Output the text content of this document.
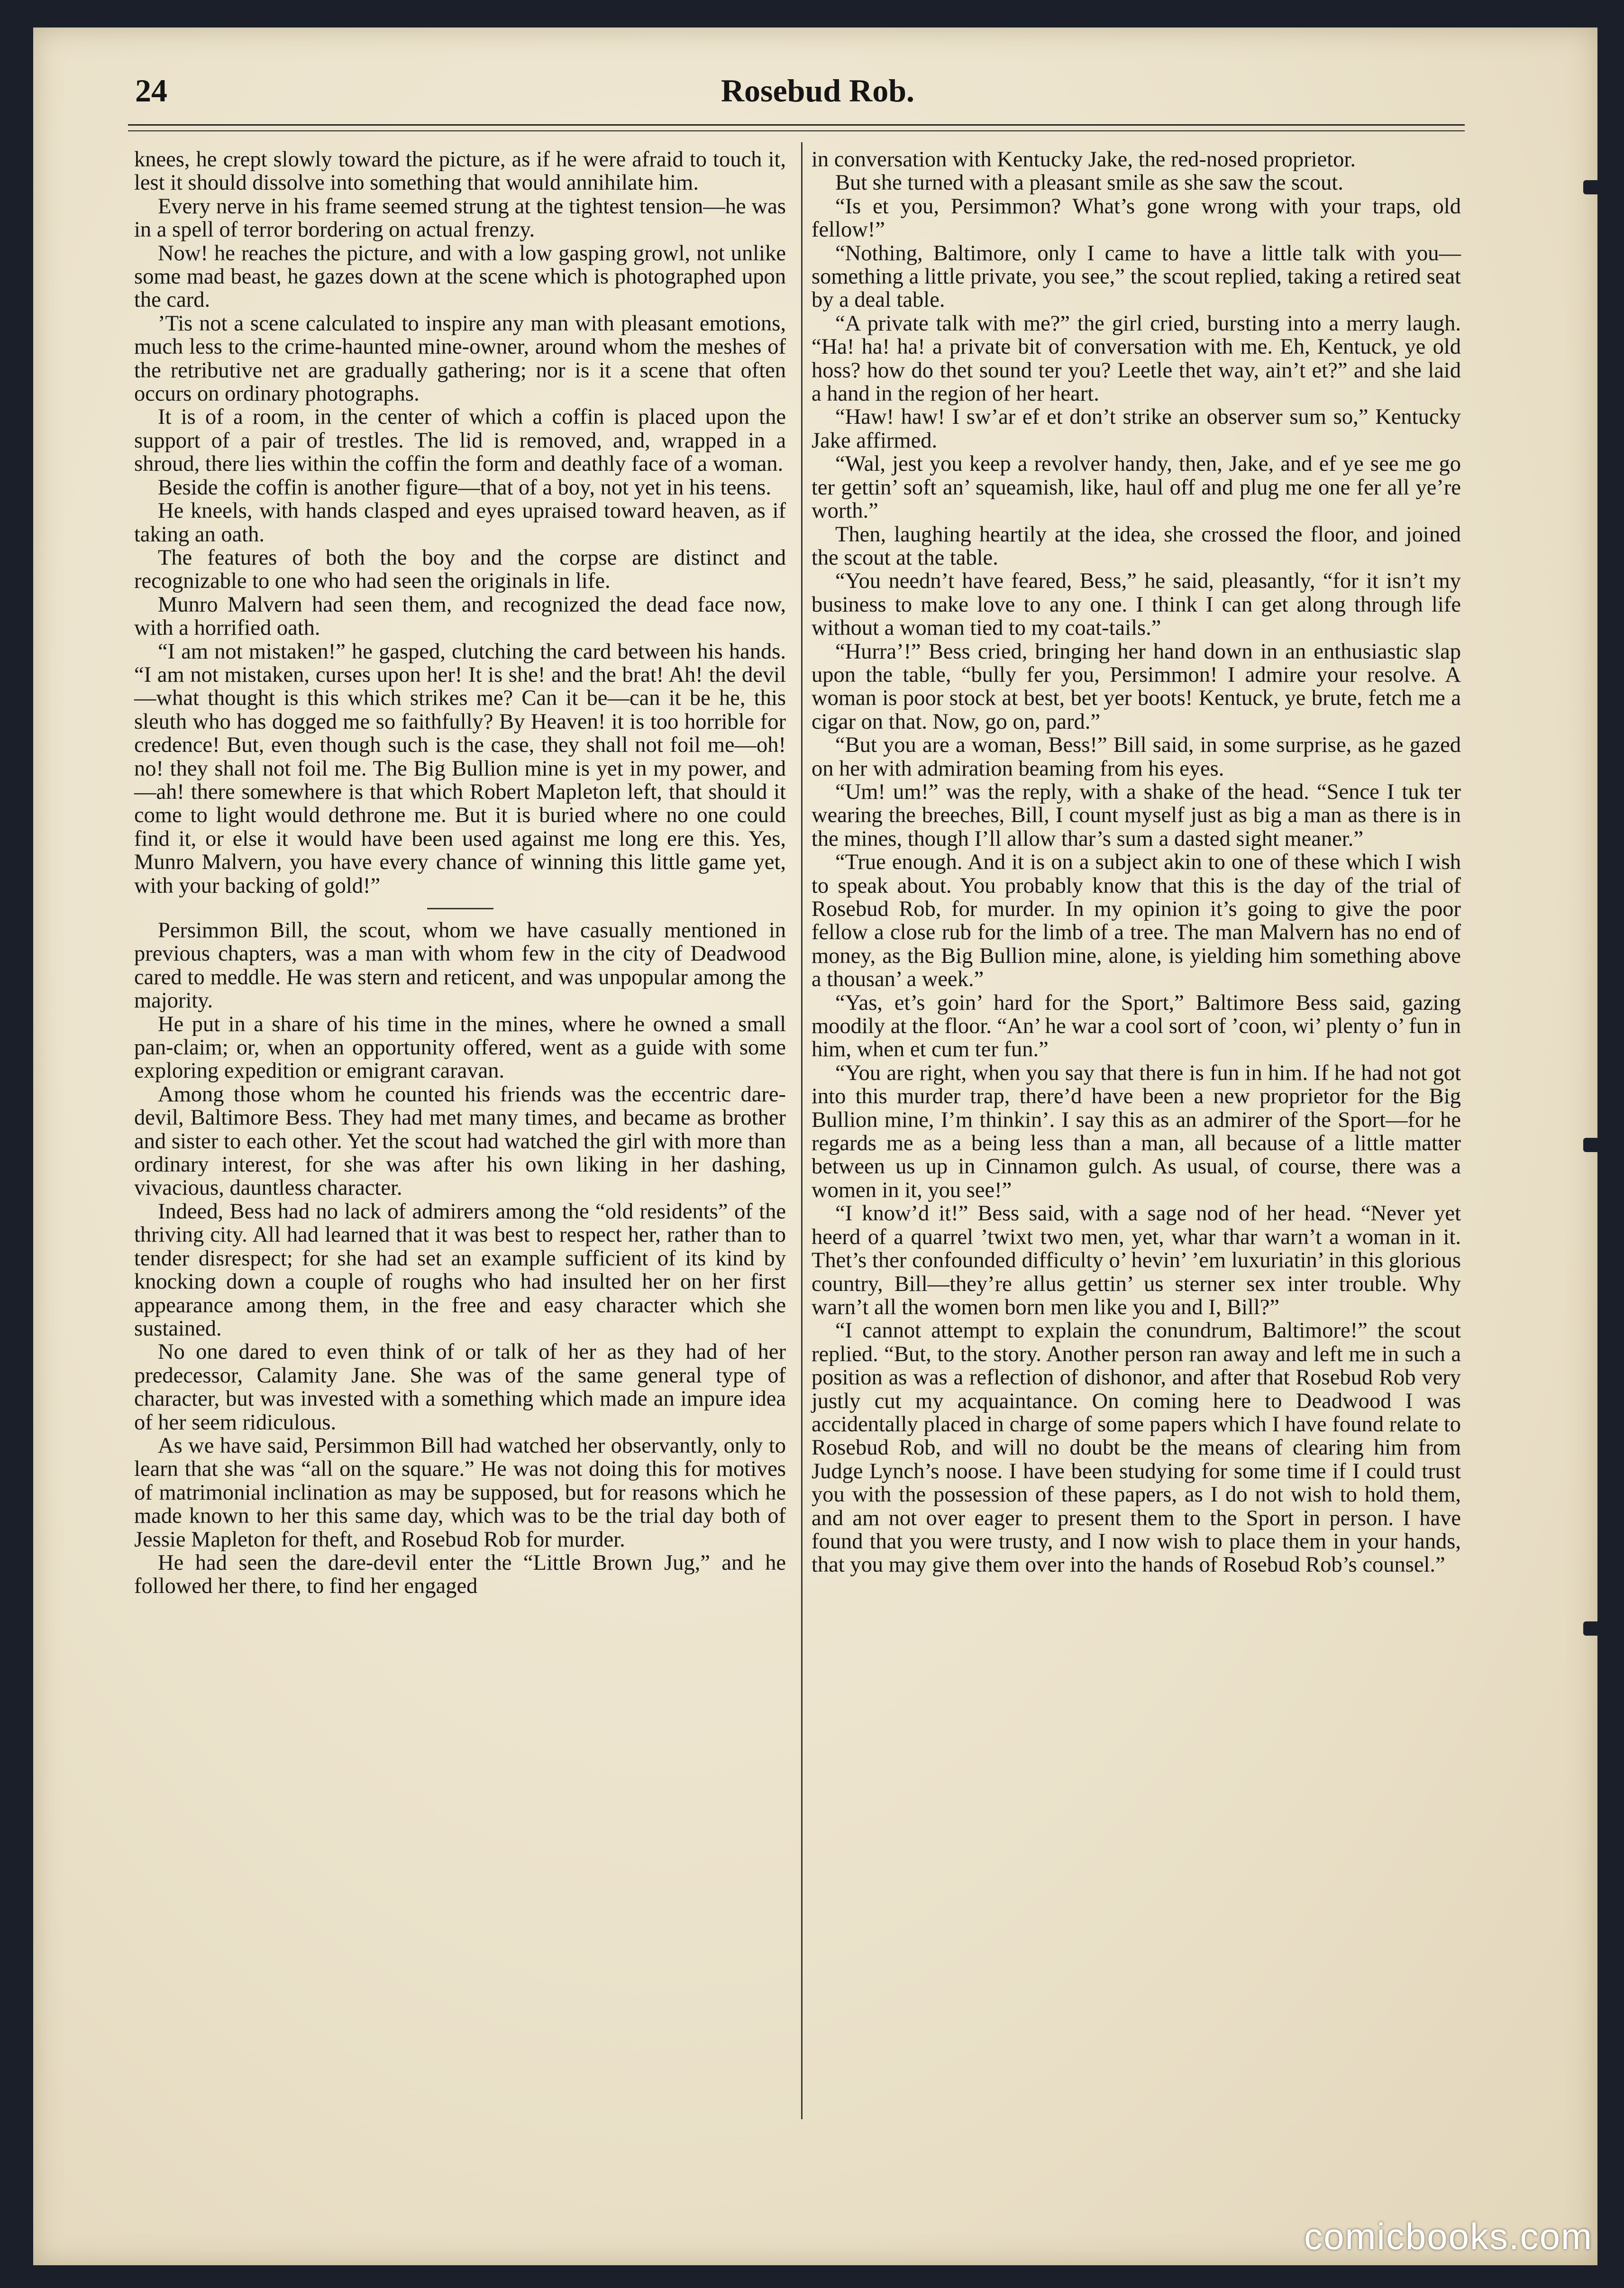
24	Rosebud Rob.

knees, he crept slowly toward the picture, as if he were afraid to touch it, lest it should dissolve into something that would annihilate him.

Every nerve in his frame seemed strung at the tightest tension—he was in a spell of terror bordering on actual frenzy.

Now! he reaches the picture, and with a low gasping growl, not unlike some mad beast, he gazes down at the scene which is photographed upon the card.

’Tis not a scene calculated to inspire any man with pleasant emotions, much less to the crime-haunted mine-owner, around whom the meshes of the retributive net are gradually gathering; nor is it a scene that often occurs on ordinary photographs.

It is of a room, in the center of which a coffin is placed upon the support of a pair of trestles. The lid is removed, and, wrapped in a shroud, there lies within the coffin the form and deathly face of a woman.

Beside the coffin is another figure—that of a boy, not yet in his teens.

He kneels, with hands clasped and eyes upraised toward heaven, as if taking an oath.

The features of both the boy and the corpse are distinct and recognizable to one who had seen the originals in life.

Munro Malvern had seen them, and recognized the dead face now, with a horrified oath.

“I am not mistaken!” he gasped, clutching the card between his hands. “I am not mistaken, curses upon her! It is she! and the brat! Ah! the devil—what thought is this which strikes me? Can it be—can it be he, this sleuth who has dogged me so faithfully? By Heaven! it is too horrible for credence! But, even though such is the case, they shall not foil me—oh! no! they shall not foil me. The Big Bullion mine is yet in my power, and—ah! there somewhere is that which Robert Mapleton left, that should it come to light would dethrone me. But it is buried where no one could find it, or else it would have been used against me long ere this. Yes, Munro Malvern, you have every chance of winning this little game yet, with your backing of gold!”

Persimmon Bill, the scout, whom we have casually mentioned in previous chapters, was a man with whom few in the city of Deadwood cared to meddle. He was stern and reticent, and was unpopular among the majority.

He put in a share of his time in the mines, where he owned a small pan-claim; or, when an opportunity offered, went as a guide with some exploring expedition or emigrant caravan.

Among those whom he counted his friends was the eccentric dare-devil, Baltimore Bess. They had met many times, and became as brother and sister to each other. Yet the scout had watched the girl with more than ordinary interest, for she was after his own liking in her dashing, vivacious, dauntless character.

Indeed, Bess had no lack of admirers among the “old residents” of the thriving city. All had learned that it was best to respect her, rather than to tender disrespect; for she had set an example sufficient of its kind by knocking down a couple of roughs who had insulted her on her first appearance among them, in the free and easy character which she sustained.

No one dared to even think of or talk of her as they had of her predecessor, Calamity Jane. She was of the same general type of character, but was invested with a something which made an impure idea of her seem ridiculous.

As we have said, Persimmon Bill had watched her observantly, only to learn that she was “all on the square.” He was not doing this for motives of matrimonial inclination as may be supposed, but for reasons which he made known to her this same day, which was to be the trial day both of Jessie Mapleton for theft, and Rosebud Rob for murder.

He had seen the dare-devil enter the “Little Brown Jug,” and he followed her there, to find her engaged

in conversation with Kentucky Jake, the red-nosed proprietor.

But she turned with a pleasant smile as she saw the scout.

“Is et you, Persimmon? What’s gone wrong with your traps, old fellow!”

“Nothing, Baltimore, only I came to have a little talk with you—something a little private, you see,” the scout replied, taking a retired seat by a deal table.

“A private talk with me?” the girl cried, bursting into a merry laugh. “Ha! ha! ha! a private bit of conversation with me. Eh, Kentuck, ye old hoss? how do thet sound ter you? Leetle thet way, ain’t et?” and she laid a hand in the region of her heart.

“Haw! haw! I sw’ar ef et don’t strike an observer sum so,” Kentucky Jake affirmed.

“Wal, jest you keep a revolver handy, then, Jake, and ef ye see me go ter gettin’ soft an’ squeamish, like, haul off and plug me one fer all ye’re worth.”

Then, laughing heartily at the idea, she crossed the floor, and joined the scout at the table.

“You needn’t have feared, Bess,” he said, pleasantly, “for it isn’t my business to make love to any one. I think I can get along through life without a woman tied to my coat-tails.”

“Hurra’!” Bess cried, bringing her hand down in an enthusiastic slap upon the table, “bully fer you, Persimmon! I admire your resolve. A woman is poor stock at best, bet yer boots! Kentuck, ye brute, fetch me a cigar on that. Now, go on, pard.”

“But you are a woman, Bess!” Bill said, in some surprise, as he gazed on her with admiration beaming from his eyes.

“Um! um!” was the reply, with a shake of the head. “Sence I tuk ter wearing the breeches, Bill, I count myself just as big a man as there is in the mines, though I’ll allow thar’s sum a dasted sight meaner.”

“True enough. And it is on a subject akin to one of these which I wish to speak about. You probably know that this is the day of the trial of Rosebud Rob, for murder. In my opinion it’s going to give the poor fellow a close rub for the limb of a tree. The man Malvern has no end of money, as the Big Bullion mine, alone, is yielding him something above a thousan’ a week.”

“Yas, et’s goin’ hard for the Sport,” Baltimore Bess said, gazing moodily at the floor. “An’ he war a cool sort of ’coon, wi’ plenty o’ fun in him, when et cum ter fun.”

“You are right, when you say that there is fun in him. If he had not got into this murder trap, there’d have been a new proprietor for the Big Bullion mine, I’m thinkin’. I say this as an admirer of the Sport—for he regards me as a being less than a man, all because of a little matter between us up in Cinnamon gulch. As usual, of course, there was a women in it, you see!”

“I know’d it!” Bess said, with a sage nod of her head. “Never yet heerd of a quarrel ’twixt two men, yet, whar thar warn’t a woman in it. Thet’s ther confounded difficulty o’ hevin’ ’em luxuriatin’ in this glorious country, Bill—they’re allus gettin’ us sterner sex inter trouble. Why warn’t all the women born men like you and I, Bill?”

“I cannot attempt to explain the conundrum, Baltimore!” the scout replied. “But, to the story. Another person ran away and left me in such a position as was a reflection of dishonor, and after that Rosebud Rob very justly cut my acquaintance. On coming here to Deadwood I was accidentally placed in charge of some papers which I have found relate to Rosebud Rob, and will no doubt be the means of clearing him from Judge Lynch’s noose. I have been studying for some time if I could trust you with the possession of these papers, as I do not wish to hold them, and am not over eager to present them to the Sport in person. I have found that you were trusty, and I now wish to place them in your hands, that you may give them over into the hands of Rosebud Rob’s counsel.”

comicbooks.com
